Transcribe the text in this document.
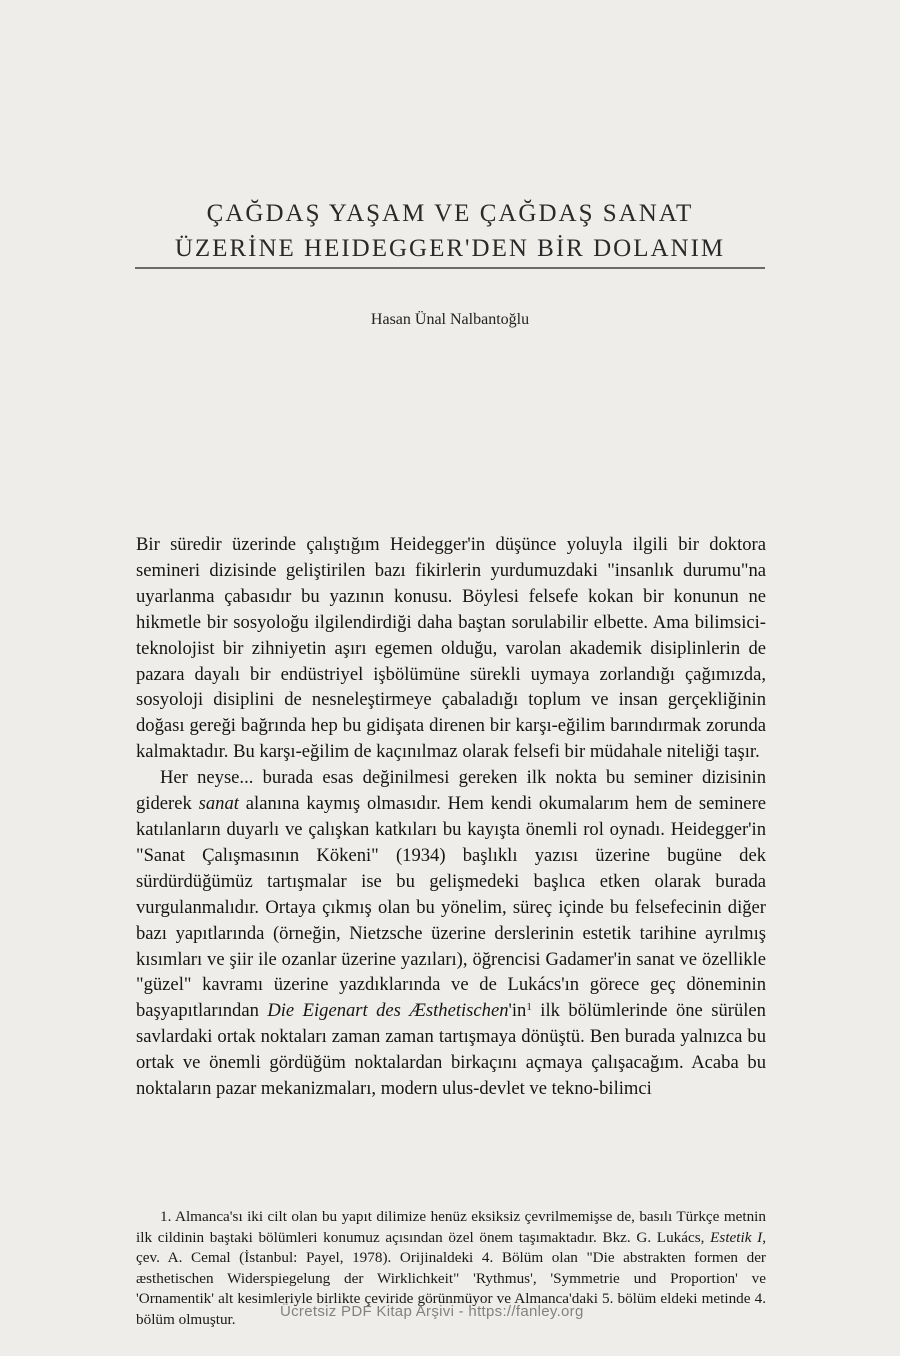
ÇAĞDAŞ YAŞAM VE ÇAĞDAŞ SANAT
ÜZERİNE HEIDEGGER'DEN BİR DOLANIM
Hasan Ünal Nalbantoğlu

Bir süredir üzerinde çalıştığım Heidegger'in düşünce yoluyla ilgili bir doktora semineri dizisinde geliştirilen bazı fikirlerin yurdumuzdaki "insanlık durumu"na uyarlanma çabasıdır bu yazının konusu. Böylesi felsefe kokan bir konunun ne hikmetle bir sosyoloğu ilgilendirdiği daha baştan sorulabilir elbette. Ama bilimsici-teknolojist bir zihniyetin aşırı egemen olduğu, varolan akademik disiplinlerin de pazara dayalı bir endüstriyel işbölümüne sürekli uymaya zorlandığı çağımızda, sosyoloji disiplini de nesneleştirmeye çabaladığı toplum ve insan gerçekliğinin doğası gereği bağrında hep bu gidişata direnen bir karşı-eğilim barındırmak zorunda kalmaktadır. Bu karşı-eğilim de kaçınılmaz olarak felsefi bir müdahale niteliği taşır.

Her neyse... burada esas değinilmesi gereken ilk nokta bu seminer dizisinin giderek sanat alanına kaymış olmasıdır. Hem kendi okumalarım hem de seminere katılanların duyarlı ve çalışkan katkıları bu kayışta önemli rol oynadı. Heidegger'in "Sanat Çalışmasının Kökeni" (1934) başlıklı yazısı üzerine bugüne dek sürdürdüğümüz tartışmalar ise bu gelişmedeki başlıca etken olarak burada vurgulanmalıdır. Ortaya çıkmış olan bu yönelim, süreç içinde bu felsefecinin diğer bazı yapıtlarında (örneğin, Nietzsche üzerine derslerinin estetik tarihine ayrılmış kısımları ve şiir ile ozanlar üzerine yazıları), öğrencisi Gadamer'in sanat ve özellikle "güzel" kavramı üzerine yazdıklarında ve de Lukács'ın görece geç döneminin başyapıtlarından Die Eigenart des $Æsthetischen'in^1$ ilk bölümlerinde öne sürülen savlardaki ortak noktaları zaman zaman tartışmaya dönüştü. Ben burada yalnızca bu ortak ve önemli gördüğüm noktalardan birkaçını açmaya çalışacağım. Acaba bu noktaların pazar mekanizmaları, modern ulus-devlet ve tekno-bilimci

1. Almanca'sı iki cilt olan bu yapıt dilimize henüz eksiksiz çevrilmemişse de, basılı Türkçe metnin ilk cildinin baştaki bölümleri konumuz açısından özel önem taşımaktadır. Bkz. G. Lukács, Estetik I, çev. A. Cemal (İstanbul: Payel, 1978). Orijinaldeki 4. Bölüm olan "Die abstrakten formen der æsthetischen Widerspiegelung der Wirklichkeit" 'Rythmus', 'Symmetrie und Proportion' ve 'Ornamentik' alt kesimleriyle birlikte çeviride görünmüyor ve Almanca'daki 5. bölüm eldeki metinde 4. bölüm olmuştur.	Ücretsiz PDF Kitap Arşivi - https://fanley.org
